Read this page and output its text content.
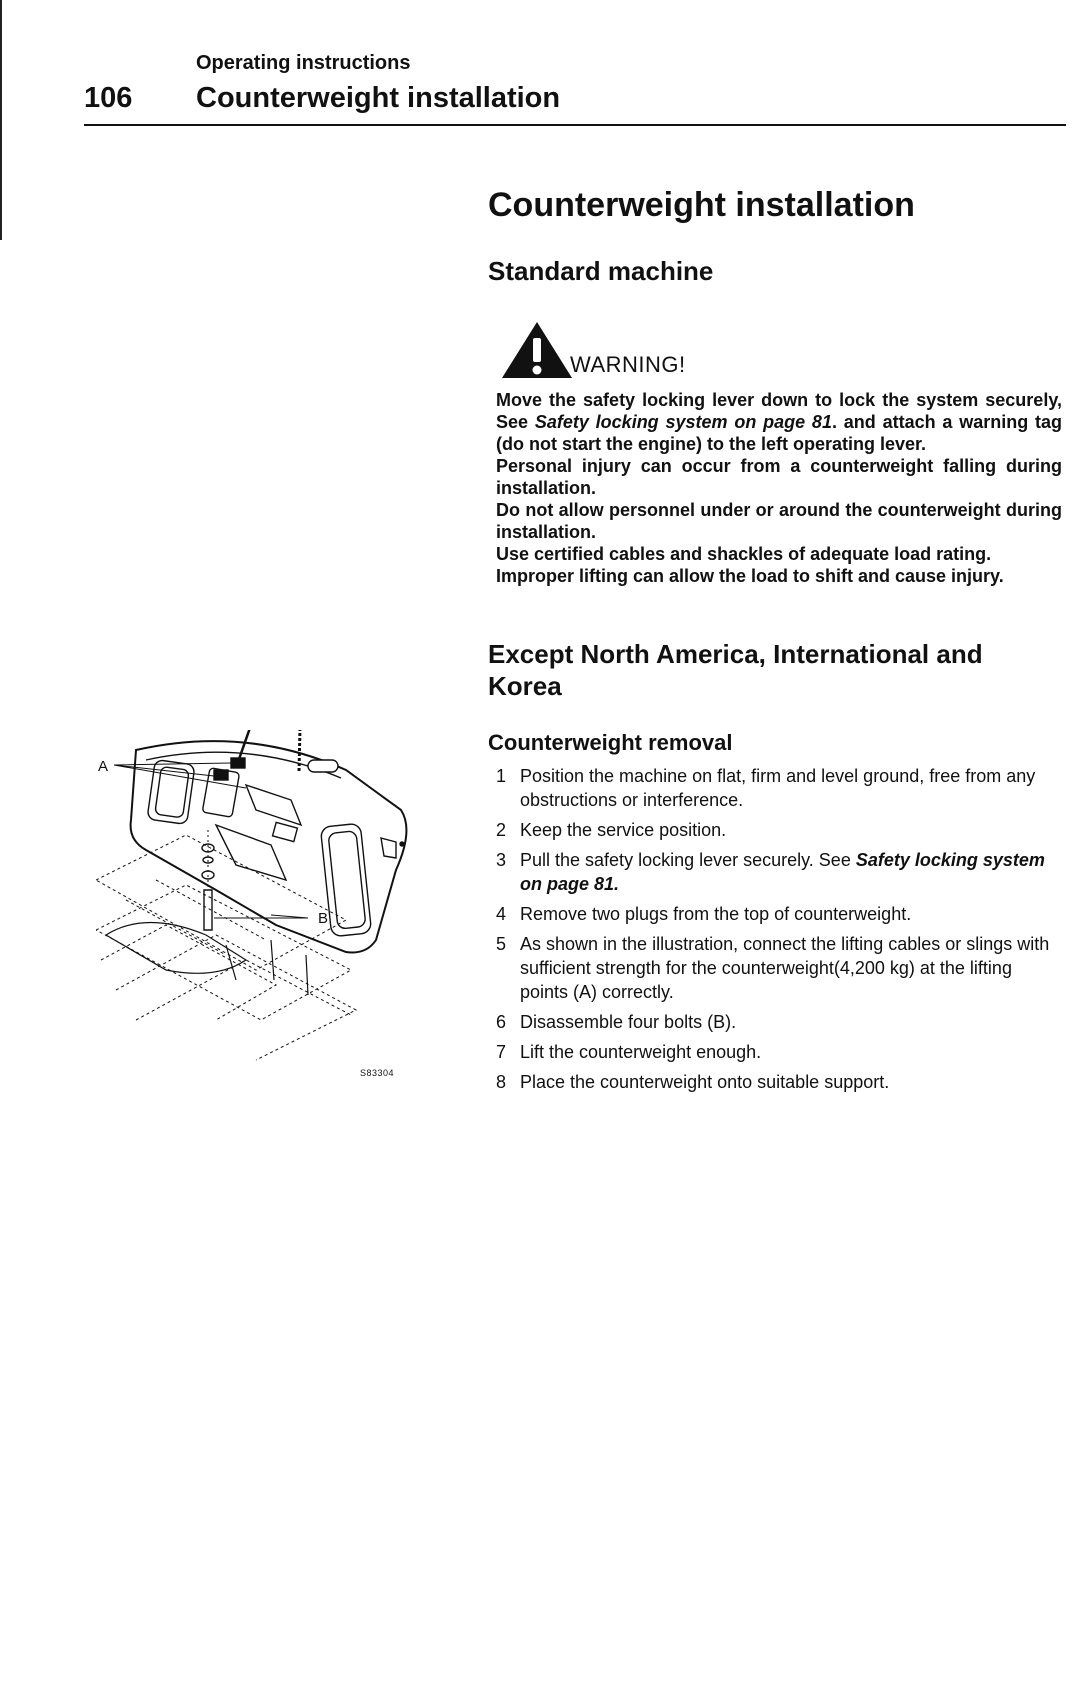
Operating instructions
106 Counterweight installation
Counterweight installation
Standard machine
WARNING!

Move the safety locking lever down to lock the system securely, See Safety locking system on page 81. and attach a warning tag (do not start the engine) to the left operating lever.

Personal injury can occur from a counterweight falling during installation.

Do not allow personnel under or around the counterweight during installation.

Use certified cables and shackles of adequate load rating.

Improper lifting can allow the load to shift and cause injury.

Except North America, International and Korea
Counterweight removal
1 Position the machine on flat, firm and level ground, free from any obstructions or interference.
2 Keep the service position.
3 Pull the safety locking lever securely. See Safety locking system on page 81.
4 Remove two plugs from the top of counterweight.
5 As shown in the illustration, connect the lifting cables or slings with sufficient strength for the counterweight(4,200 kg) at the lifting points (A) correctly.
6 Disassemble four bolts (B).
7 Lift the counterweight enough.
8 Place the counterweight onto suitable support.
A
B
S83304
